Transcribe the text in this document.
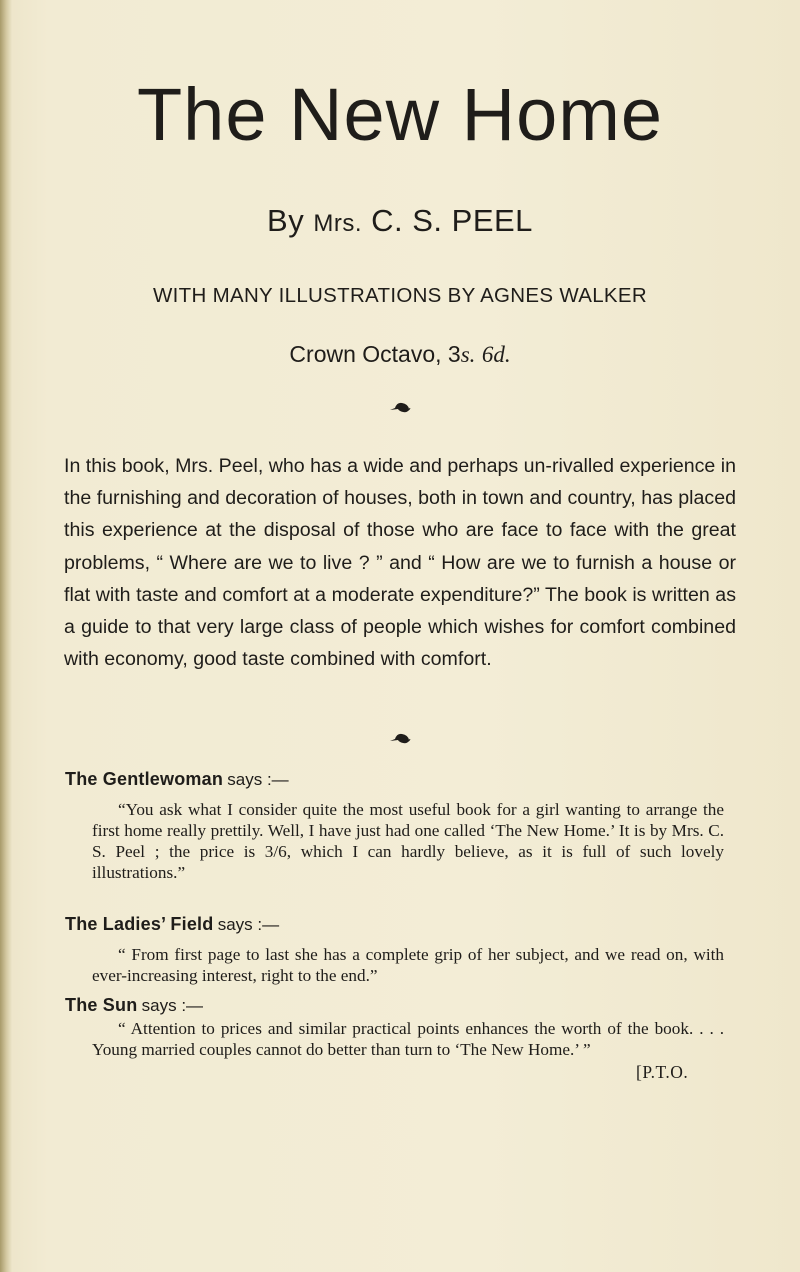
The New Home
By Mrs. C. S. PEEL
WITH MANY ILLUSTRATIONS BY AGNES WALKER
Crown Octavo, 3s. 6d.
In this book, Mrs. Peel, who has a wide and perhaps un-rivalled experience in the furnishing and decoration of houses, both in town and country, has placed this experience at the disposal of those who are face to face with the great problems, “ Where are we to live ? ” and “ How are we to furnish a house or flat with taste and comfort at a moderate expenditure?” The book is written as a guide to that very large class of people which wishes for comfort combined with economy, good taste combined with comfort.
The Gentlewoman says :—
“You ask what I consider quite the most useful book for a girl wanting to arrange the first home really prettily. Well, I have just had one called ‘The New Home.’ It is by Mrs. C. S. Peel ; the price is 3/6, which I can hardly believe, as it is full of such lovely illustrations.”
The Ladies’ Field says :—
“ From first page to last she has a complete grip of her subject, and we read on, with ever-increasing interest, right to the end.”
The Sun says :—
“ Attention to prices and similar practical points enhances the worth of the book. . . . Young married couples cannot do better than turn to ‘The New Home.’ ”
[P.T.O.
